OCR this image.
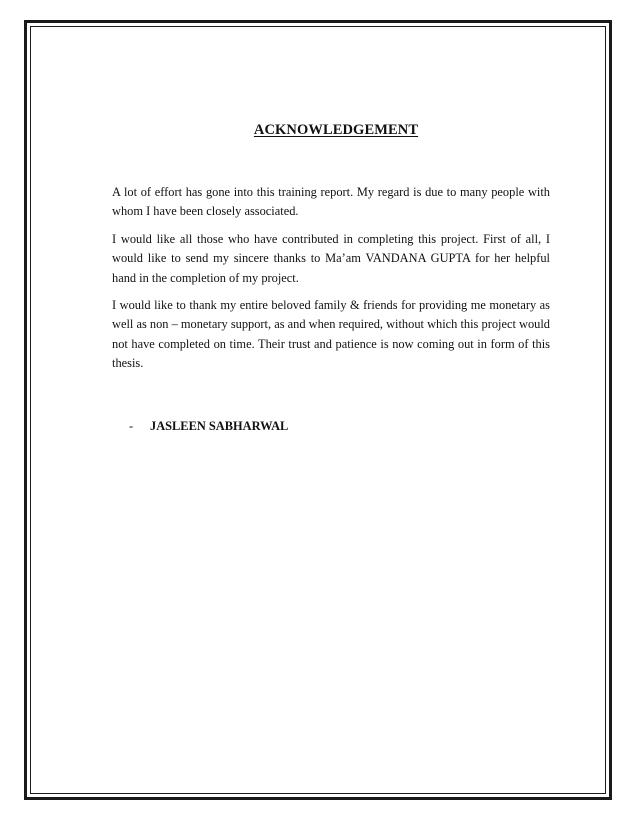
ACKNOWLEDGEMENT

A lot of effort has gone into this training report. My regard is due to many people with whom I have been closely associated.

I would like all those who have contributed in completing this project. First of all, I would like to send my sincere thanks to Ma’am VANDANA GUPTA for her helpful hand in the completion of my project.

I would like to thank my entire beloved family & friends for providing me monetary as well as non – monetary support, as and when required, without which this project would not have completed on time. Their trust and patience is now coming out in form of this thesis.

- JASLEEN SABHARWAL
